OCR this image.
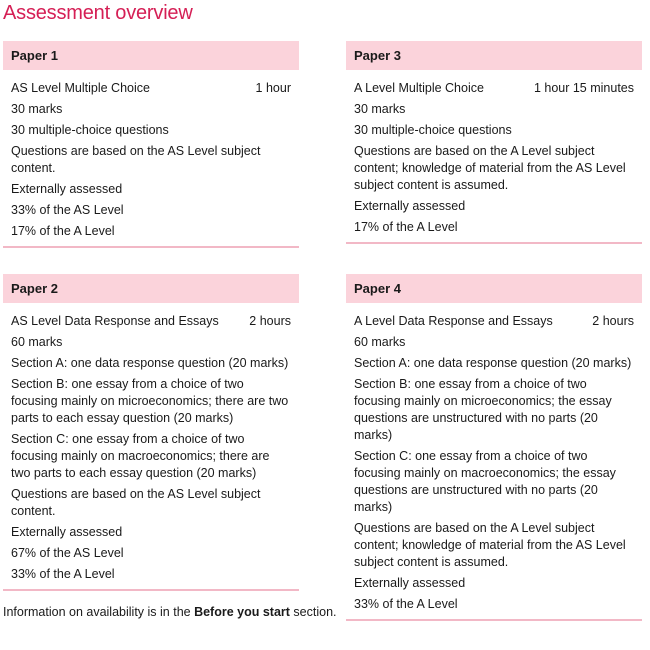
Assessment overview
Paper 1
AS Level Multiple Choice	1 hour
30 marks
30 multiple-choice questions
Questions are based on the AS Level subject content.
Externally assessed
33% of the AS Level
17% of the A Level
Paper 3
A Level Multiple Choice	1 hour 15 minutes
30 marks
30 multiple-choice questions
Questions are based on the A Level subject content; knowledge of material from the AS Level subject content is assumed.
Externally assessed
17% of the A Level
Paper 2
AS Level Data Response and Essays 2 hours
60 marks
Section A: one data response question (20 marks)
Section B: one essay from a choice of two focusing mainly on microeconomics; there are two parts to each essay question (20 marks)
Section C: one essay from a choice of two focusing mainly on macroeconomics; there are two parts to each essay question (20 marks)
Questions are based on the AS Level subject content.
Externally assessed
67% of the AS Level
33% of the A Level
Paper 4
A Level Data Response and Essays	2 hours
60 marks
Section A: one data response question (20 marks)
Section B: one essay from a choice of two focusing mainly on microeconomics; the essay questions are unstructured with no parts (20 marks)
Section C: one essay from a choice of two focusing mainly on macroeconomics; the essay questions are unstructured with no parts (20 marks)
Questions are based on the A Level subject content; knowledge of material from the AS Level subject content is assumed.
Externally assessed
33% of the A Level
Information on availability is in the Before you start section.
